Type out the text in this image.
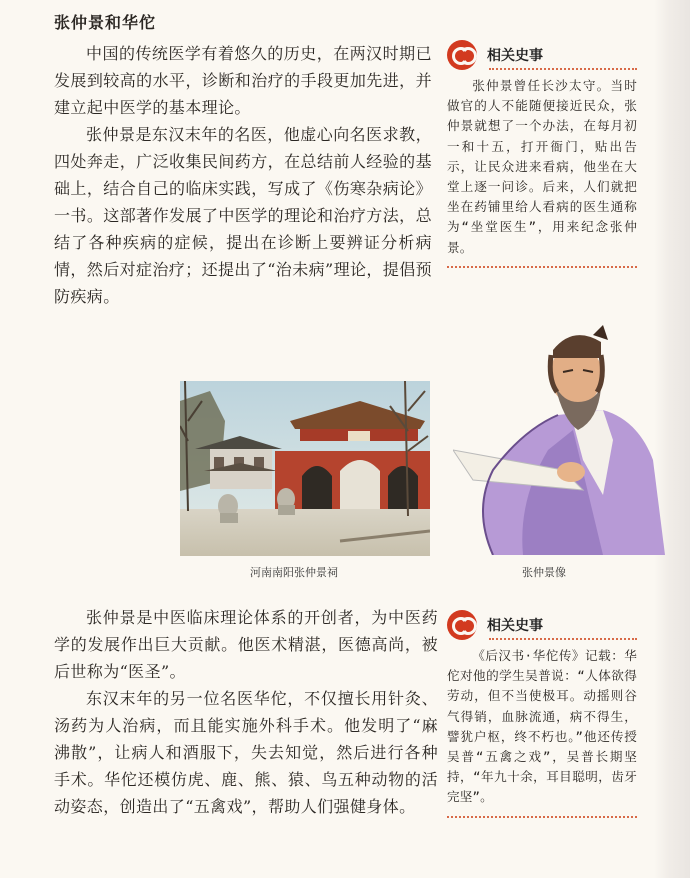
张仲景和华佗

中国的传统医学有着悠久的历史，在两汉时期已发展到较高的水平，诊断和治疗的手段更加先进，并建立起中医学的基本理论。

张仲景是东汉末年的名医，他虚心向名医求教，四处奔走，广泛收集民间药方，在总结前人经验的基础上，结合自己的临床实践，写成了《伤寒杂病论》一书。这部著作发展了中医学的理论和治疗方法，总结了各种疾病的症候，提出在诊断上要辨证分析病情，然后对症治疗；还提出了“治未病”理论，提倡预防疾病。

相关史事
张仲景曾任长沙太守。当时做官的人不能随便接近民众，张仲景就想了一个办法，在每月初一和十五，打开衙门，贴出告示，让民众进来看病，他坐在大堂上逐一问诊。后来，人们就把坐在药铺里给人看病的医生通称为“坐堂医生”，用来纪念张仲景。
河南南阳张仲景祠	张仲景像

张仲景是中医临床理论体系的开创者，为中医药学的发展作出巨大贡献。他医术精湛，医德高尚，被后世称为“医圣”。

东汉末年的另一位名医华佗，不仅擅长用针灸、汤药为人治病，而且能实施外科手术。他发明了“麻沸散”，让病人和酒服下，失去知觉，然后进行各种手术。华佗还模仿虎、鹿、熊、猿、鸟五种动物的活动姿态，创造出了“五禽戏”，帮助人们强健身体。

相关史事
《后汉书·华佗传》记载：华佗对他的学生吴普说：“人体欲得劳动，但不当使极耳。动摇则谷气得销，血脉流通，病不得生，譬犹户枢，终不朽也。”他还传授吴普“五禽之戏”，吴普长期坚持，“年九十余，耳目聪明，齿牙完坚”。
